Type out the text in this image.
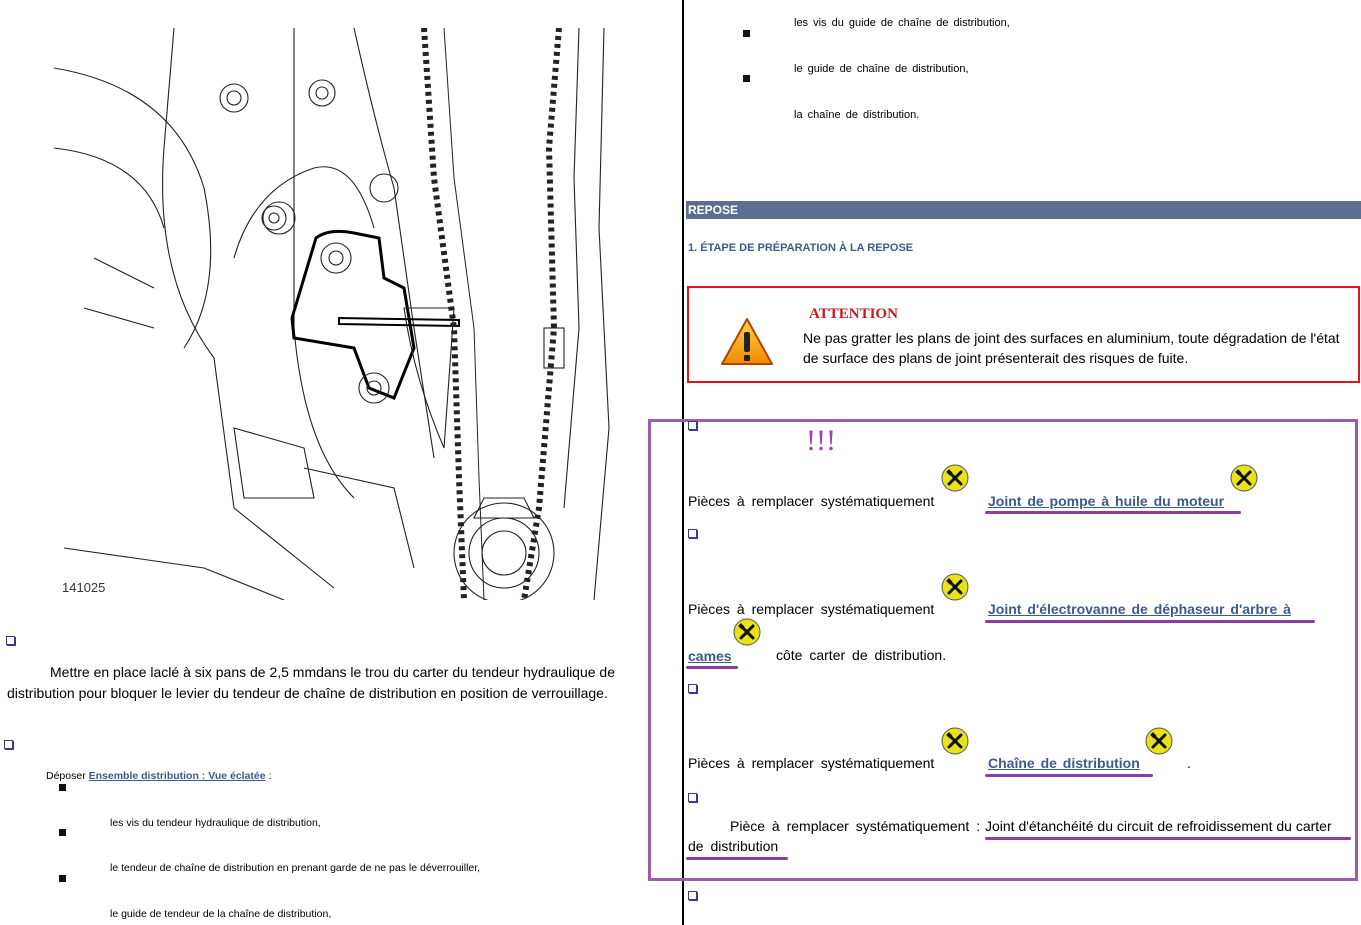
141025
Mettre en place laclé à six pans de 2,5 mmdans le trou du carter du tendeur hydraulique de distribution pour bloquer le levier du tendeur de chaîne de distribution en position de verrouillage.
Déposer Ensemble distribution : Vue éclatée :
les vis du tendeur hydraulique de distribution,
le tendeur de chaîne de distribution en prenant garde de ne pas le déverrouiller,
le guide de tendeur de la chaîne de distribution,
les vis du guide de chaîne de distribution,
le guide de chaîne de distribution,
la chaîne de distribution.
REPOSE
1. ÉTAPE DE PRÉPARATION À LA REPOSE
ATTENTION
Ne pas gratter les plans de joint des surfaces en aluminium, toute dégradation de l'état de surface des plans de joint présenterait des risques de fuite.
!!!
Pièces à remplacer systématiquement	Joint de pompe à huile du moteur
Pièces à remplacer systématiquement	Joint d'électrovanne de déphaseur d'arbre à
cames	côte carter de distribution.
Pièces à remplacer systématiquement	Chaîne de distribution	.
Pièce à remplacer systématiquement : Joint d'étanchéité du circuit de refroidissement du carter
de distribution
